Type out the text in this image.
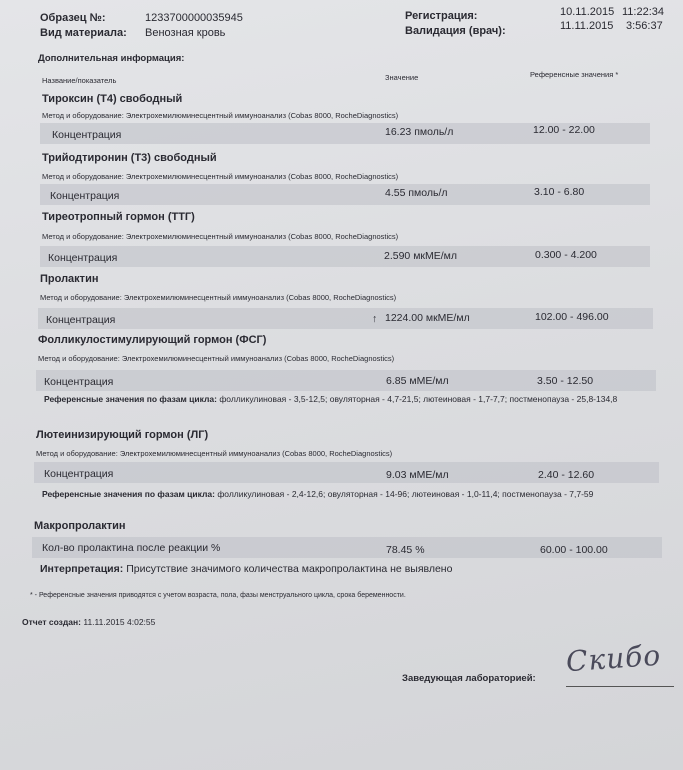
Образец №:	1233700000035945
Вид материала: Венозная кровь
Регистрация:	10.11.2015 11:22:34
Валидация (врач):	11.11.2015 3:56:37
Дополнительная информация:
Название/показатель	Значение	Референсные значения *
Тироксин (Т4) свободный
Метод и оборудование: Электрохемилюминесцентный иммуноанализ (Cobas 8000, RocheDiagnostics)
Концентрация	16.23 пмоль/л	12.00 - 22.00
Трийодтиронин (Т3) свободный
Метод и оборудование: Электрохемилюминесцентный иммуноанализ (Cobas 8000, RocheDiagnostics)
Концентрация	4.55 пмоль/л	3.10 - 6.80
Тиреотропный гормон (ТТГ)
Метод и оборудование: Электрохемилюминесцентный иммуноанализ (Cobas 8000, RocheDiagnostics)
Концентрация	2.590 мкМЕ/мл	0.300 - 4.200
Пролактин
Метод и оборудование: Электрохемилюминесцентный иммуноанализ (Cobas 8000, RocheDiagnostics)
Концентрация	↑ 1224.00 мкМЕ/мл	102.00 - 496.00
Фолликулостимулирующий гормон (ФСГ)
Метод и оборудование: Электрохемилюминесцентный иммуноанализ (Cobas 8000, RocheDiagnostics)
Концентрация	6.85 мМЕ/мл	3.50 - 12.50
Референсные значения по фазам цикла: фолликулиновая - 3,5-12,5; овуляторная - 4,7-21,5; лютеиновая - 1,7-7,7; постменопауза - 25,8-134,8
Лютеинизирующий гормон (ЛГ)
Метод и оборудование: Электрохемилюминесцентный иммуноанализ (Cobas 8000, RocheDiagnostics)
Концентрация	9.03 мМЕ/мл	2.40 - 12.60
Референсные значения по фазам цикла: фолликулиновая - 2,4-12,6; овуляторная - 14-96; лютеиновая - 1,0-11,4; постменопауза - 7,7-59
Макропролактин
Кол-во пролактина после реакции %	78.45 %	60.00 - 100.00
Интерпретация: Присутствие значимого количества макропролактина не выявлено
* - Референсные значения приводятся с учетом возраста, пола, фазы менструального цикла, срока беременности.
Отчет создан: 11.11.2015 4:02:55
Заведующая лабораторией:
Скибо
